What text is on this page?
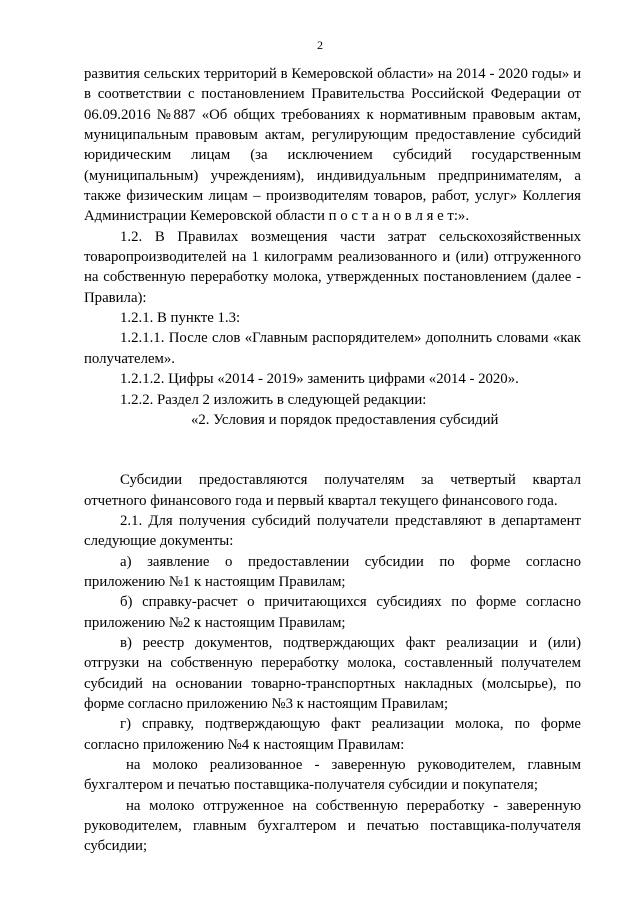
2

развития сельских территорий в Кемеровской области» на 2014 - 2020 годы» и в соответствии с постановлением Правительства Российской Федерации от 06.09.2016 №887 «Об общих требованиях к нормативным правовым актам, муниципальным правовым актам, регулирующим предоставление субсидий юридическим лицам (за исключением субсидий государственным (муниципальным) учреждениям), индивидуальным предпринимателям, а также физическим лицам – производителям товаров, работ, услуг» Коллегия Администрации Кемеровской области п о с т а н о в л я е т:».

1.2. В Правилах возмещения части затрат сельскохозяйственных товаропроизводителей на 1 килограмм реализованного и (или) отгруженного на собственную переработку молока, утвержденных постановлением (далее - Правила):

1.2.1. В пункте 1.3:

1.2.1.1. После слов «Главным распорядителем» дополнить словами «как получателем».

1.2.1.2. Цифры «2014 - 2019» заменить цифрами «2014 - 2020».

1.2.2. Раздел 2 изложить в следующей редакции:

«2. Условия и порядок предоставления субсидий

Субсидии предоставляются получателям за четвертый квартал отчетного финансового года и первый квартал текущего финансового года.

2.1. Для получения субсидий получатели представляют в департамент следующие документы:

а) заявление о предоставлении субсидии по форме согласно приложению №1 к настоящим Правилам;

б) справку-расчет о причитающихся субсидиях по форме согласно приложению №2 к настоящим Правилам;

в) реестр документов, подтверждающих факт реализации и (или) отгрузки на собственную переработку молока, составленный получателем субсидий на основании товарно-транспортных накладных (молсырье), по форме согласно приложению №3 к настоящим Правилам;

г) справку, подтверждающую факт реализации молока, по форме согласно приложению №4 к настоящим Правилам:

на молоко реализованное - заверенную руководителем, главным бухгалтером и печатью поставщика-получателя субсидии и покупателя;

на молоко отгруженное на собственную переработку - заверенную руководителем, главным бухгалтером и печатью поставщика-получателя субсидии;
